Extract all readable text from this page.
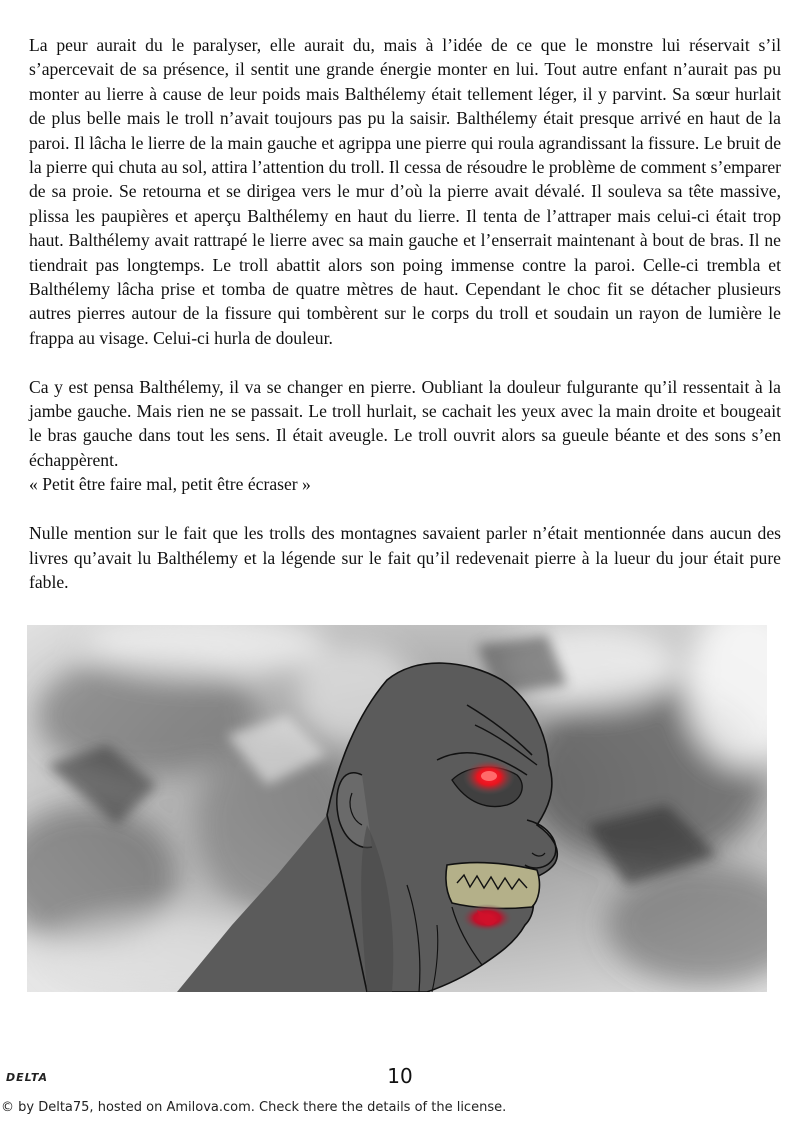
La peur aurait du le paralyser, elle aurait du, mais à l’idée de ce que le monstre lui réservait s’il s’apercevait de sa présence, il sentit une grande énergie monter en lui. Tout autre enfant n’aurait pas pu monter au lierre à cause de leur poids mais Balthélemy était tellement léger, il y parvint. Sa sœur hurlait de plus belle mais le troll n’avait toujours pas pu la saisir. Balthélemy était presque arrivé en haut de la paroi. Il lâcha le lierre de la main gauche et agrippa une pierre qui roula agrandissant la fissure. Le bruit de la pierre qui chuta au sol, attira l’attention du troll. Il cessa de résoudre le problème de comment s’emparer de sa proie. Se retourna et se dirigea vers le mur d’où la pierre avait dévalé. Il souleva sa tête massive, plissa les paupières et aperçu Balthélemy en haut du lierre. Il tenta de l’attraper mais celui-ci était trop haut. Balthélemy avait rattrapé le lierre avec sa main gauche et l’enserrait maintenant à bout de bras. Il ne tiendrait pas longtemps. Le troll abattit alors son poing immense contre la paroi. Celle-ci trembla et Balthélemy lâcha prise et tomba de quatre mètres de haut. Cependant le choc fit se détacher plusieurs autres pierres autour de la fissure qui tombèrent sur le corps du troll et soudain un rayon de lumière le frappa au visage. Celui-ci hurla de douleur.

Ca y est pensa Balthélemy, il va se changer en pierre. Oubliant la douleur fulgurante qu’il ressentait à la jambe gauche. Mais rien ne se passait. Le troll hurlait, se cachait les yeux avec la main droite et bougeait le bras gauche dans tout les sens. Il était aveugle. Le troll ouvrit alors sa gueule béante et des sons s’en échappèrent.

« Petit être faire mal, petit être écraser »

Nulle mention sur le fait que les trolls des montagnes savaient parler n’était mentionnée dans aucun des livres qu’avait lu Balthélemy et la légende sur le fait qu’il redevenait pierre à la lueur du jour était pure fable.

10
DELTA
© by Delta75, hosted on Amilova.com. Check there the details of the license.
